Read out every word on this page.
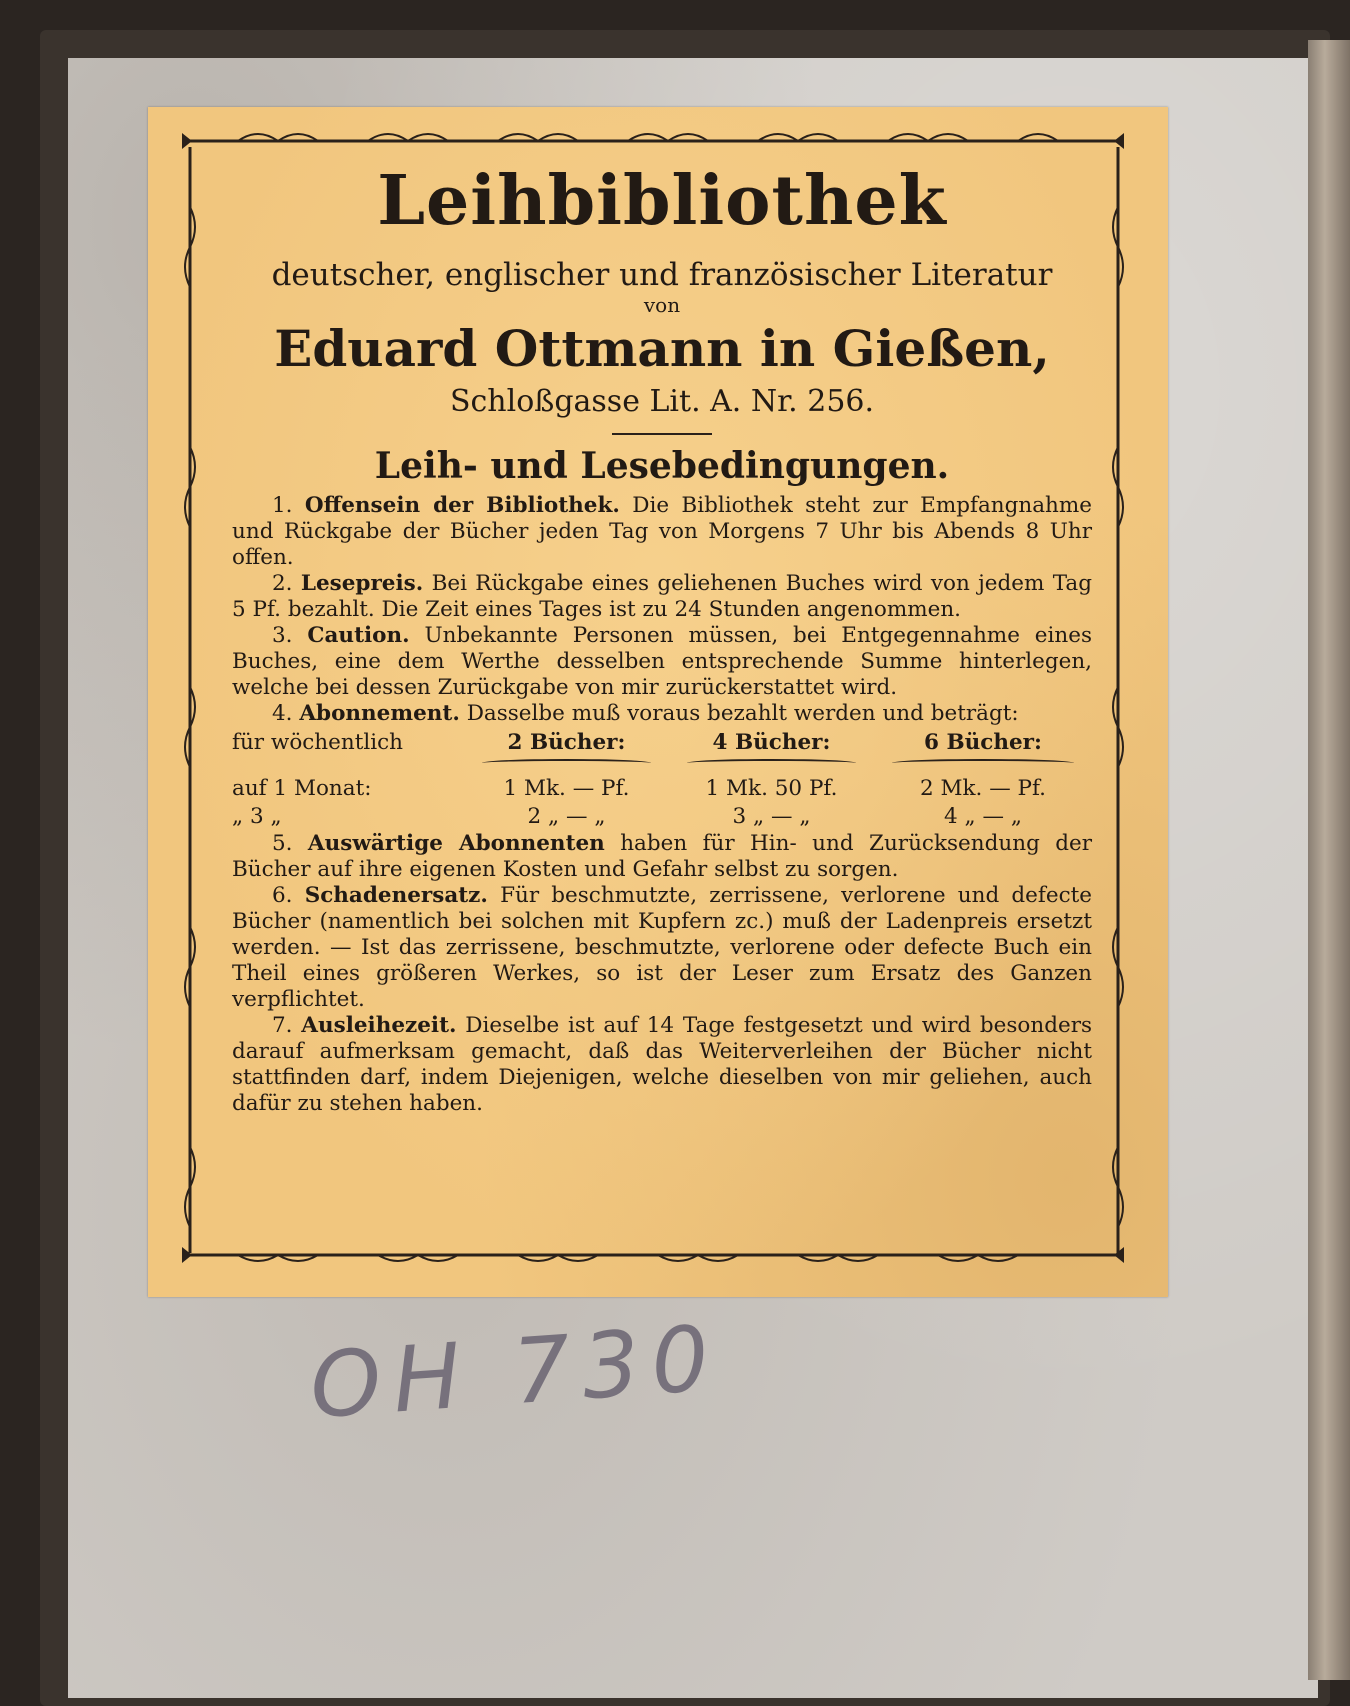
Leihbibliothek
deutscher, englischer und französischer Literatur
von
Eduard Ottmann in Gießen,
Schloßgasse Lit. A. Nr. 256.
Leih- und Lesebedingungen.

1. Offensein der Bibliothek. Die Bibliothek steht zur Empfangnahme und Rückgabe der Bücher jeden Tag von Morgens 7 Uhr bis Abends 8 Uhr offen.

2. Lesepreis. Bei Rückgabe eines geliehenen Buches wird von jedem Tag 5 Pf. bezahlt. Die Zeit eines Tages ist zu 24 Stunden angenommen.

3. Caution. Unbekannte Personen müssen, bei Entgegennahme eines Buches, eine dem Werthe desselben entsprechende Summe hinterlegen, welche bei dessen Zurückgabe von mir zurückerstattet wird.

4. Abonnement. Dasselbe muß voraus bezahlt werden und beträgt:

für wöchentlich	2 Bücher:	4 Bücher:	6 Bücher:
auf 1 Monat:	1 Mk. — Pf.	1 Mk. 50 Pf.	2 Mk. — Pf.
„ 3 „	2 „ — „	3 „ — „	4 „ — „

5. Auswärtige Abonnenten haben für Hin- und Zurücksendung der Bücher auf ihre eigenen Kosten und Gefahr selbst zu sorgen.

6. Schadenersatz. Für beschmutzte, zerrissene, verlorene und defecte Bücher (namentlich bei solchen mit Kupfern zc.) muß der Ladenpreis ersetzt werden. — Ist das zerrissene, beschmutzte, verlorene oder defecte Buch ein Theil eines größeren Werkes, so ist der Leser zum Ersatz des Ganzen verpflichtet.

7. Ausleihezeit. Dieselbe ist auf 14 Tage festgesetzt und wird besonders darauf aufmerksam gemacht, daß das Weiterverleihen der Bücher nicht stattfinden darf, indem Diejenigen, welche dieselben von mir geliehen, auch dafür zu stehen haben.

OH 730
